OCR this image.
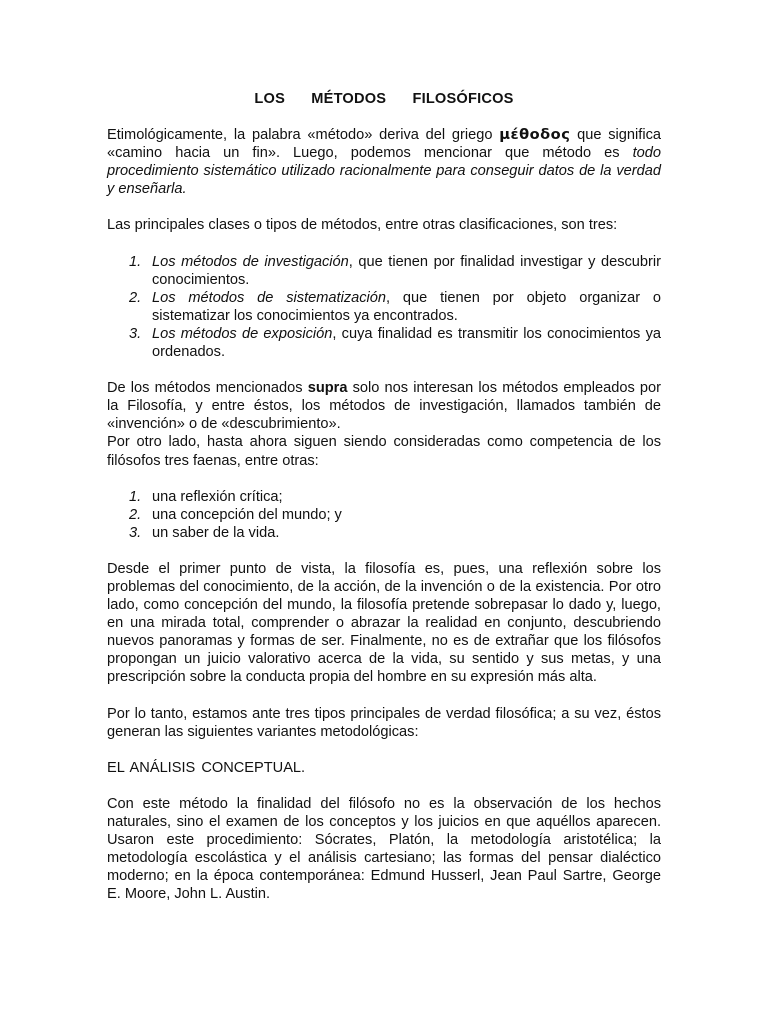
LOS MÉTODOS FILOSÓFICOS

Etimológicamente, la palabra «método» deriva del griego μέθοδος que significa «camino hacia un fin». Luego, podemos mencionar que método es todo procedimiento sistemático utilizado racionalmente para conseguir datos de la verdad y enseñarla.

Las principales clases o tipos de métodos, entre otras clasificaciones, son tres:

1. Los métodos de investigación, que tienen por finalidad investigar y descubrir conocimientos.
2. Los métodos de sistematización, que tienen por objeto organizar o sistematizar los conocimientos ya encontrados.
3. Los métodos de exposición, cuya finalidad es transmitir los conocimientos ya ordenados.

De los métodos mencionados supra solo nos interesan los métodos empleados por la Filosofía, y entre éstos, los métodos de investigación, llamados también de «invención» o de «descubrimiento».

Por otro lado, hasta ahora siguen siendo consideradas como competencia de los filósofos tres faenas, entre otras:

1. una reflexión crítica;
2. una concepción del mundo; y
3. un saber de la vida.

Desde el primer punto de vista, la filosofía es, pues, una reflexión sobre los problemas del conocimiento, de la acción, de la invención o de la existencia. Por otro lado, como concepción del mundo, la filosofía pretende sobrepasar lo dado y, luego, en una mirada total, comprender o abrazar la realidad en conjunto, descubriendo nuevos panoramas y formas de ser. Finalmente, no es de extrañar que los filósofos propongan un juicio valorativo acerca de la vida, su sentido y sus metas, y una prescripción sobre la conducta propia del hombre en su expresión más alta.

Por lo tanto, estamos ante tres tipos principales de verdad filosófica; a su vez, éstos generan las siguientes variantes metodológicas:

EL ANÁLISIS CONCEPTUAL.

Con este método la finalidad del filósofo no es la observación de los hechos naturales, sino el examen de los conceptos y los juicios en que aquéllos aparecen. Usaron este procedimiento: Sócrates, Platón, la metodología aristotélica; la metodología escolástica y el análisis cartesiano; las formas del pensar dialéctico moderno; en la época contemporánea: Edmund Husserl, Jean Paul Sartre, George E. Moore, John L. Austin.
